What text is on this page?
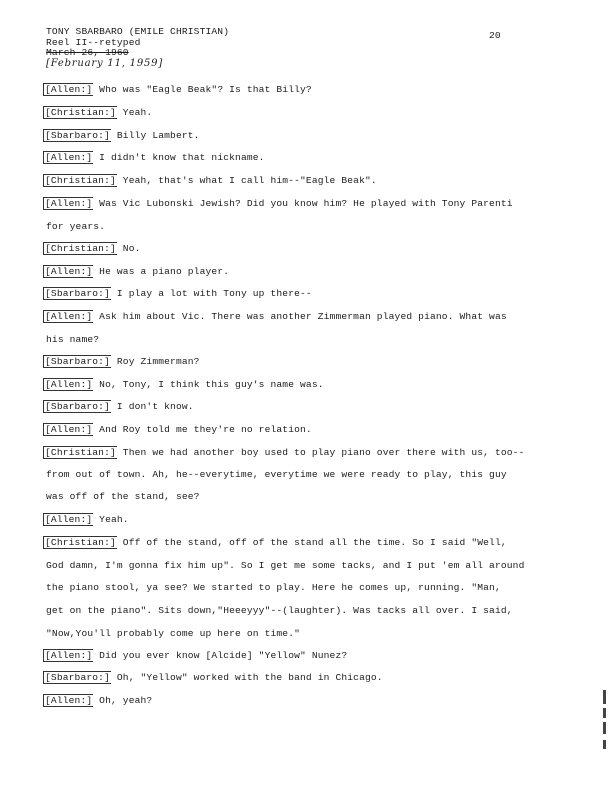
TONY SBARBARO (EMILE CHRISTIAN)
Reel II--retyped
March 26, 1960
[February 11, 1959]
20
[Allen:] Who was "Eagle Beak"? Is that Billy?
[Christian:] Yeah.
[Sbarbaro:] Billy Lambert.
[Allen:] I didn't know that nickname.
[Christian:] Yeah, that's what I call him--"Eagle Beak".
[Allen:] Was Vic Lubonski Jewish? Did you know him? He played with Tony Parenti
for years.
[Christian:] No.
[Allen:] He was a piano player.
[Sbarbaro:] I play a lot with Tony up there--
[Allen:] Ask him about Vic. There was another Zimmerman played piano. What was
his name?
[Sbarbaro:] Roy Zimmerman?
[Allen:] No, Tony, I think this guy's name was.
[Sbarbaro:] I don't know.
[Allen:] And Roy told me they're no relation.
[Christian:] Then we had another boy used to play piano over there with us, too--
from out of town. Ah, he--everytime, everytime we were ready to play, this guy
was off of the stand, see?
[Allen:] Yeah.
[Christian:] Off of the stand, off of the stand all the time. So I said "Well,
God damn, I'm gonna fix him up". So I get me some tacks, and I put 'em all around
the piano stool, ya see? We started to play. Here he comes up, running. "Man,
get on the piano". Sits down,"Heeeyyy"--(laughter). Was tacks all over. I said,
"Now,You'll probably come up here on time."
[Allen:] Did you ever know [Alcide] "Yellow" Nunez?
[Sbarbaro:] Oh, "Yellow" worked with the band in Chicago.
[Allen:] Oh, yeah?
